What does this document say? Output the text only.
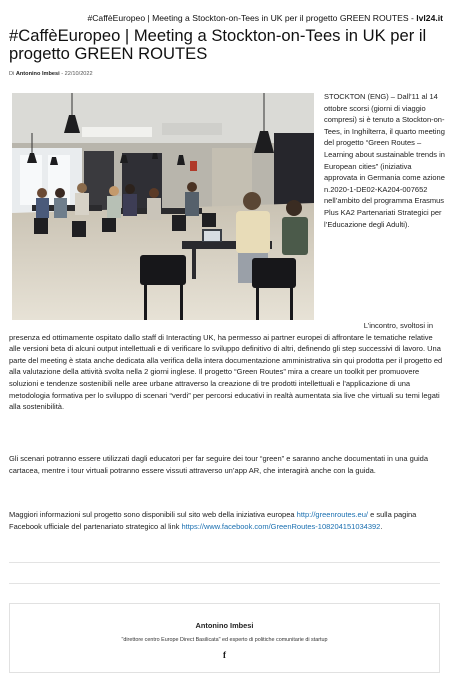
#CaffèEuropeo | Meeting a Stockton-on-Tees in UK per il progetto GREEN ROUTES - lvl24.it
#CaffèEuropeo | Meeting a Stockton-on-Tees in UK per il progetto GREEN ROUTES
Di Antonino Imbesi - 22/10/2022
STOCKTON (ENG) – Dall’11 al 14 ottobre scorsi (giorni di viaggio compresi) si è tenuto a Stockton-on-Tees, in Inghilterra, il quarto meeting del progetto “Green Routes – Learning about sustainable trends in European cities” (iniziativa approvata in Germania come azione n.2020-1-DE02-KA204-007652 nell’ambito del programma Erasmus Plus KA2 Partenariati Strategici per l’Educazione degli Adulti).
L’incontro, svoltosi in
presenza ed ottimamente ospitato dallo staff di Interacting UK, ha permesso ai partner europei di affrontare le tematiche relative alle versioni beta di alcuni output intellettuali e di verificare lo sviluppo definitivo di altri, definendo gli step successivi di lavoro. Una parte del meeting è stata anche dedicata alla verifica della intera documentazione amministrativa sin qui prodotta per il progetto ed alla valutazione della attività svolta nella 2 giorni inglese. Il progetto “Green Routes” mira a creare un toolkit per promuovere soluzioni e tendenze sostenibili nelle aree urbane attraverso la creazione di tre prodotti intellettuali e l’applicazione di una metodologia formativa per lo sviluppo di scenari “verdi” per percorsi educativi in realtà aumentata sia live che virtuali su temi legati alla sostenibilità.
Gli scenari potranno essere utilizzati dagli educatori per far seguire dei tour “green” e saranno anche documentati in una guida cartacea, mentre i tour virtuali potranno essere vissuti attraverso un’app AR, che interagirà anche con la guida.
Maggiori informazioni sul progetto sono disponibili sul sito web della iniziativa europea http://greenroutes.eu/ e sulla pagina Facebook ufficiale del partenariato strategico al link https://www.facebook.com/GreenRoutes-108204151034392.
Antonino Imbesi
"direttore centro Europe Direct Basilicata" ed esperto di politiche comunitarie di startup
f
